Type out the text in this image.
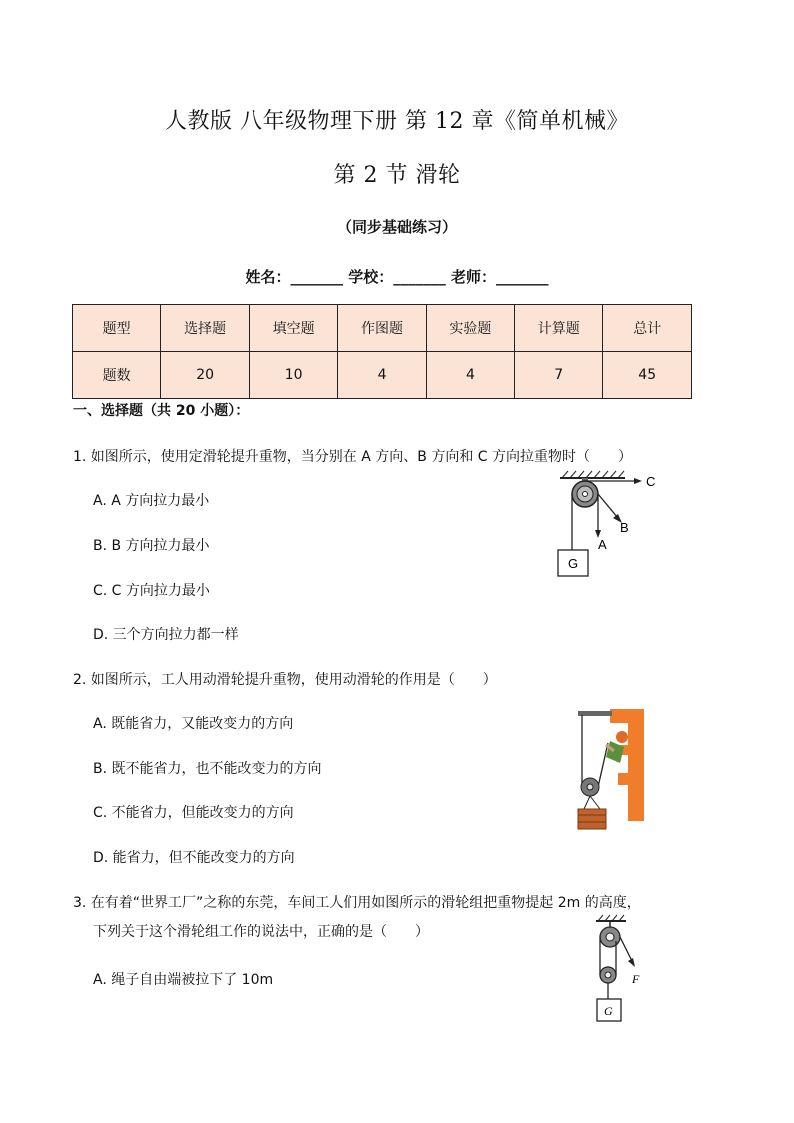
人教版 八年级物理下册 第 12 章《简单机械》
第 2 节 滑轮
（同步基础练习）
姓名：_______ 学校：_______ 老师：_______
题型	选择题	填空题	作图题	实验题	计算题	总计
题数	20	10	4	4	7	45
一、选择题（共 20 小题）：
1. 如图所示，使用定滑轮提升重物，当分别在 A 方向、B 方向和 C 方向拉重物时（　　）
A. A 方向拉力最小
B. B 方向拉力最小
C. C 方向拉力最小
D. 三个方向拉力都一样
C
B
A
G
2. 如图所示，工人用动滑轮提升重物，使用动滑轮的作用是（　　）
A. 既能省力，又能改变力的方向
B. 既不能省力，也不能改变力的方向
C. 不能省力，但能改变力的方向
D. 能省力，但不能改变力的方向
3. 在有着“世界工厂”之称的东莞，车间工人们用如图所示的滑轮组把重物提起 2m 的高度，
下列关于这个滑轮组工作的说法中，正确的是（　　）
A. 绳子自由端被拉下了 10m	F
G
